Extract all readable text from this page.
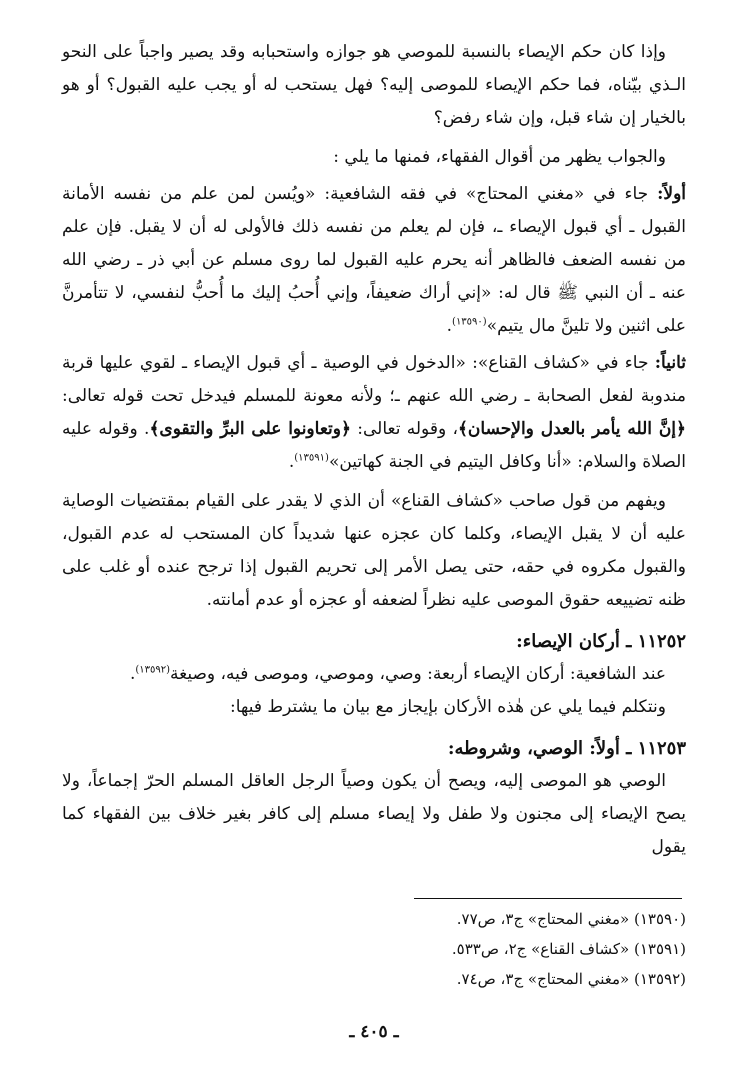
وإذا كان حكم الإيصاء بالنسبة للموصي هو جوازه واستحبابه وقد يصير واجباً على النحو الـذي بيّناه، فما حكم الإيصاء للموصى إليه؟ فهل يستحب له أو يجب عليه القبول؟ أو هو بالخيار إن شاء قبل، وإن شاء رفض؟

والجواب يظهر من أقوال الفقهاء، فمنها ما يلي :

أولاً: جاء في «مغني المحتاج» في فقه الشافعية: «ويُسن لمن علم من نفسه الأمانة القبول ـ أي قبول الإيصاء ـ، فإن لم يعلم من نفسه ذلك فالأولى له أن لا يقبل. فإن علم من نفسه الضعف فالظاهر أنه يحرم عليه القبول لما روى مسلم عن أبي ذر ـ رضي الله عنه ـ أن النبي ﷺ قال له: «إني أراك ضعيفاً، وإني أُحبُ إليك ما أُحبُّ لنفسي، لا تتأمرنَّ على اثنين ولا تلينَّ مال يتيم»$^{(١٣٥٩٠)}$.

ثانياً: جاء في «كشاف القناع»: «الدخول في الوصية ـ أي قبول الإيصاء ـ لقوي عليها قربة مندوبة لفعل الصحابة ـ رضي الله عنهم ـ؛ ولأنه معونة للمسلم فيدخل تحت قوله تعالى: ﴿إنَّ الله يأمر بالعدل والإحسان﴾، وقوله تعالى: ﴿وتعاونوا على البرِّ والتقوى﴾. وقوله عليه الصلاة والسلام: «أنا وكافل اليتيم في الجنة كهاتين»$^{(١٣٥٩١)}$.

ويفهم من قول صاحب «كشاف القناع» أن الذي لا يقدر على القيام بمقتضيات الوصاية عليه أن لا يقبل الإيصاء، وكلما كان عجزه عنها شديداً كان المستحب له عدم القبول، والقبول مكروه في حقه، حتى يصل الأمر إلى تحريم القبول إذا ترجح عنده أو غلب على ظنه تضييعه حقوق الموصى عليه نظراً لضعفه أو عجزه أو عدم أمانته.

١١٢٥٢ ـ أركان الإيصاء:

عند الشافعية: أركان الإيصاء أربعة: وصي، وموصي، وموصى فيه، وصيغة$^{(١٣٥٩٢)}$.

ونتكلم فيما يلي عن هٰذه الأركان بإيجاز مع بيان ما يشترط فيها:

١١٢٥٣ ـ أولاً: الوصي، وشروطه:

الوصي هو الموصى إليه، ويصح أن يكون وصياً الرجل العاقل المسلم الحرّ إجماعاً، ولا يصح الإيصاء إلى مجنون ولا طفل ولا إيصاء مسلم إلى كافر بغير خلاف بين الفقهاء كما يقول

(١٣٥٩٠) «مغني المحتاج» ج٣، ص٧٧.

(١٣٥٩١) «كشاف القناع» ج٢، ص٥٣٣.

(١٣٥٩٢) «مغني المحتاج» ج٣، ص٧٤.

ـ ٤٠٥ ـ
